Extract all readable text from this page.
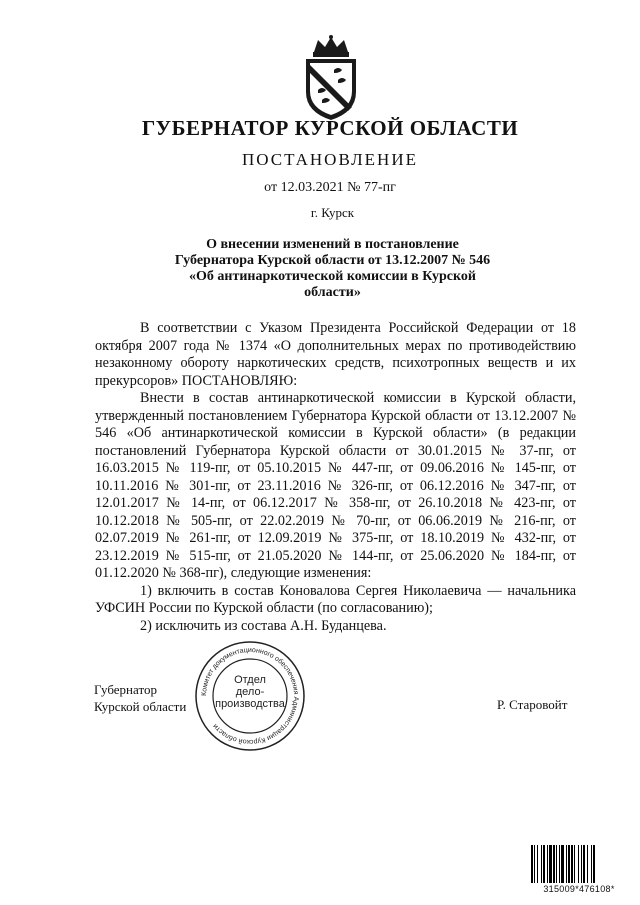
ГУБЕРНАТОР КУРСКОЙ ОБЛАСТИ
ПОСТАНОВЛЕНИЕ
от 12.03.2021 № 77-пг
г. Курск
О внесении изменений в постановление
Губернатора Курской области от 13.12.2007 № 546
«Об антинаркотической комиссии в Курской области»

В соответствии с Указом Президента Российской Федерации от 18 октября 2007 года № 1374 «О дополнительных мерах по противодействию незаконному обороту наркотических средств, психотропных веществ и их прекурсоров» ПОСТАНОВЛЯЮ:

Внести в состав антинаркотической комиссии в Курской области, утвержденный постановлением Губернатора Курской области от 13.12.2007 № 546 «Об антинаркотической комиссии в Курской области» (в редакции постановлений Губернатора Курской области от 30.01.2015 № 37-пг, от 16.03.2015 № 119-пг, от 05.10.2015 № 447-пг, от 09.06.2016 № 145-пг, от 10.11.2016 № 301-пг, от 23.11.2016 № 326-пг, от 06.12.2016 № 347-пг, от 12.01.2017 № 14-пг, от 06.12.2017 № 358-пг, от 26.10.2018 № 423-пг, от 10.12.2018 № 505-пг, от 22.02.2019 № 70-пг, от 06.06.2019 № 216-пг, от 02.07.2019 № 261-пг, от 12.09.2019 № 375-пг, от 18.10.2019 № 432-пг, от 23.12.2019 № 515-пг, от 21.05.2020 № 144-пг, от 25.06.2020 № 184-пг, от 01.12.2020 № 368-пг), следующие изменения:

1) включить в состав Коновалова Сергея Николаевича — начальника УФСИН России по Курской области (по согласованию);

2) исключить из состава А.Н. Буданцева.

Губернатор
Курской области
Комитет документационного обеспечения Администрации Курской области
Отдел
дело-
производства	Р. Старовойт
315009*476108*
